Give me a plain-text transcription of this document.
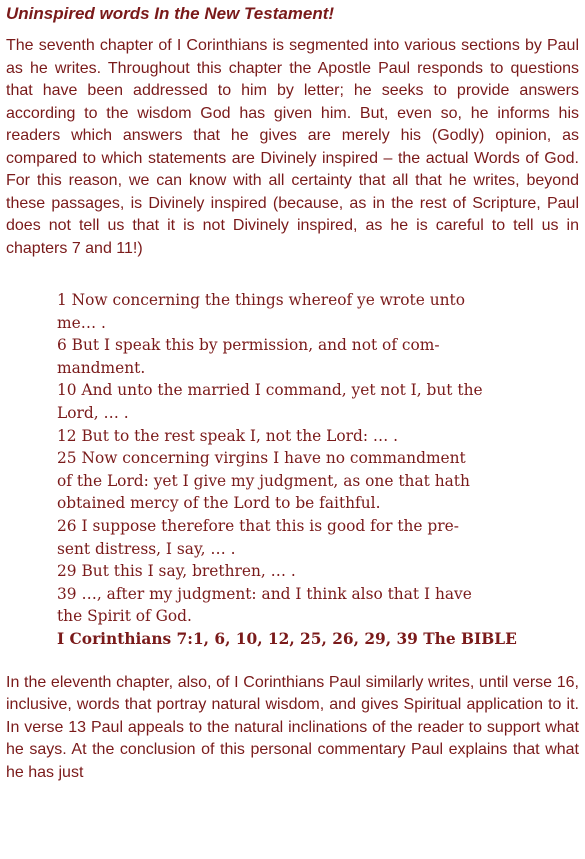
Uninspired words In the New Testament!

The seventh chapter of I Corinthians is segmented into various sections by Paul as he writes. Throughout this chapter the Apostle Paul responds to questions that have been addressed to him by letter; he seeks to provide answers according to the wisdom God has given him. But, even so, he informs his readers which answers that he gives are merely his (Godly) opinion, as compared to which statements are Divinely inspired – the actual Words of God. For this reason, we can know with all certainty that all that he writes, beyond these passages, is Divinely inspired (because, as in the rest of Scripture, Paul does not tell us that it is not Divinely inspired, as he is careful to tell us in chapters 7 and 11!)

1 Now concerning the things whereof ye wrote unto
me… .
6 But I speak this by permission, and not of com-
mandment.
10 And unto the married I command, yet not I, but the
Lord, … .
12 But to the rest speak I, not the Lord: … .
25 Now concerning virgins I have no commandment
of the Lord: yet I give my judgment, as one that hath
obtained mercy of the Lord to be faithful.
26 I suppose therefore that this is good for the pre-
sent distress, I say, … .
29 But this I say, brethren, … .
39 …, after my judgment: and I think also that I have
the Spirit of God.
I Corinthians 7:1, 6, 10, 12, 25, 26, 29, 39 The BIBLE

In the eleventh chapter, also, of I Corinthians Paul similarly writes, until verse 16, inclusive, words that portray natural wisdom, and gives Spiritual application to it. In verse 13 Paul appeals to the natural inclinations of the reader to support what he says. At the conclusion of this personal commentary Paul explains that what he has just
